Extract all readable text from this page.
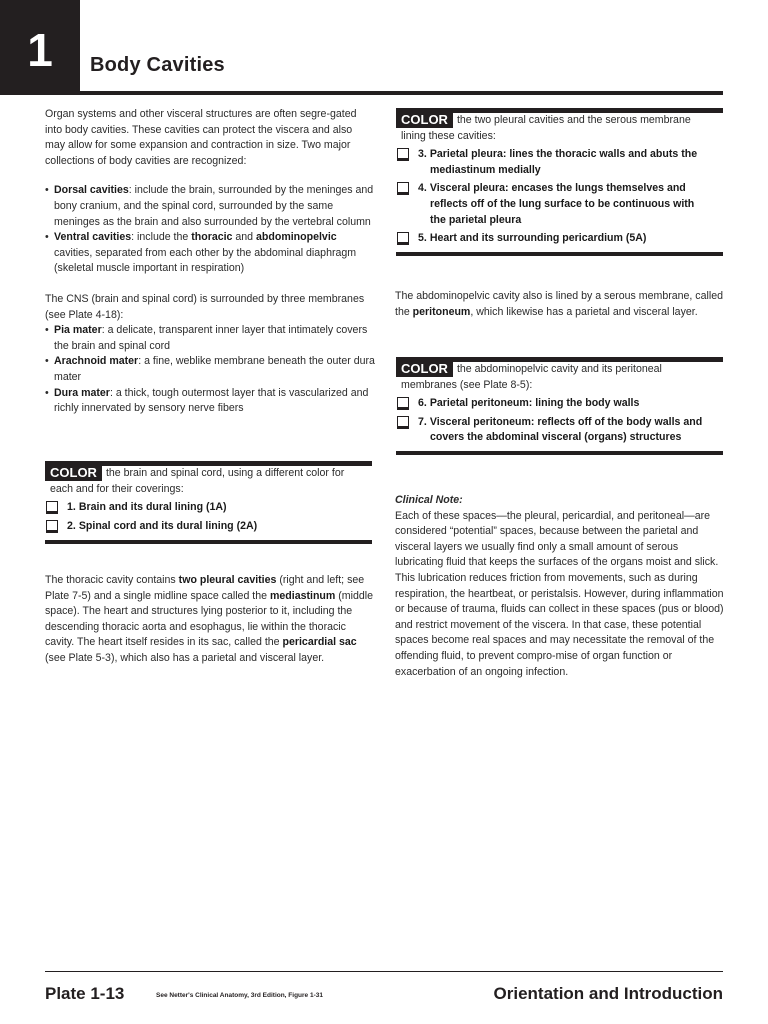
1 Body Cavities

Organ systems and other visceral structures are often segre-gated into body cavities. These cavities can protect the viscera and also may allow for some expansion and contraction in size. Two major collections of body cavities are recognized:

• Dorsal cavities: include the brain, surrounded by the meninges and bony cranium, and the spinal cord, surrounded by the same meninges as the brain and also surrounded by the vertebral column
• Ventral cavities: include the thoracic and abdominopelvic cavities, separated from each other by the abdominal diaphragm (skeletal muscle important in respiration)

The CNS (brain and spinal cord) is surrounded by three membranes (see Plate 4-18):

• Pia mater: a delicate, transparent inner layer that intimately covers the brain and spinal cord
• Arachnoid mater: a fine, weblike membrane beneath the outer dura mater
• Dura mater: a thick, tough outermost layer that is vascularized and richly innervated by sensory nerve fibers
COLOR the brain and spinal cord, using a different color for
each and for their coverings:
1. Brain and its dural lining (1A)
2. Spinal cord and its dural lining (2A)

The thoracic cavity contains two pleural cavities (right and left; see Plate 7-5) and a single midline space called the mediastinum (middle space). The heart and structures lying posterior to it, including the descending thoracic aorta and esophagus, lie within the thoracic cavity. The heart itself resides in its sac, called the pericardial sac (see Plate 5-3), which also has a parietal and visceral layer.

COLOR the two pleural cavities and the serous membrane
lining these cavities:
3. Parietal pleura: lines the thoracic walls and abuts the
mediastinum medially
4. Visceral pleura: encases the lungs themselves and
reflects off of the lung surface to be continuous with
the parietal pleura
5. Heart and its surrounding pericardium (5A)

The abdominopelvic cavity also is lined by a serous membrane, called the peritoneum, which likewise has a parietal and visceral layer.

COLOR the abdominopelvic cavity and its peritoneal
membranes (see Plate 8-5):
6. Parietal peritoneum: lining the body walls
7. Visceral peritoneum: reflects off of the body walls and
covers the abdominal visceral (organs) structures

Clinical Note:

Each of these spaces—the pleural, pericardial, and peritoneal—are considered “potential” spaces, because between the parietal and visceral layers we usually find only a small amount of serous lubricating fluid that keeps the surfaces of the organs moist and slick. This lubrication reduces friction from movements, such as during respiration, the heartbeat, or peristalsis. However, during inflammation or because of trauma, fluids can collect in these spaces (pus or blood) and restrict movement of the viscera. In that case, these potential spaces become real spaces and may necessitate the removal of the offending fluid, to prevent compro-mise of organ function or exacerbation of an ongoing infection.

Plate 1-13	See Netter's Clinical Anatomy, 3rd Edition, Figure 1-31	Orientation and Introduction
